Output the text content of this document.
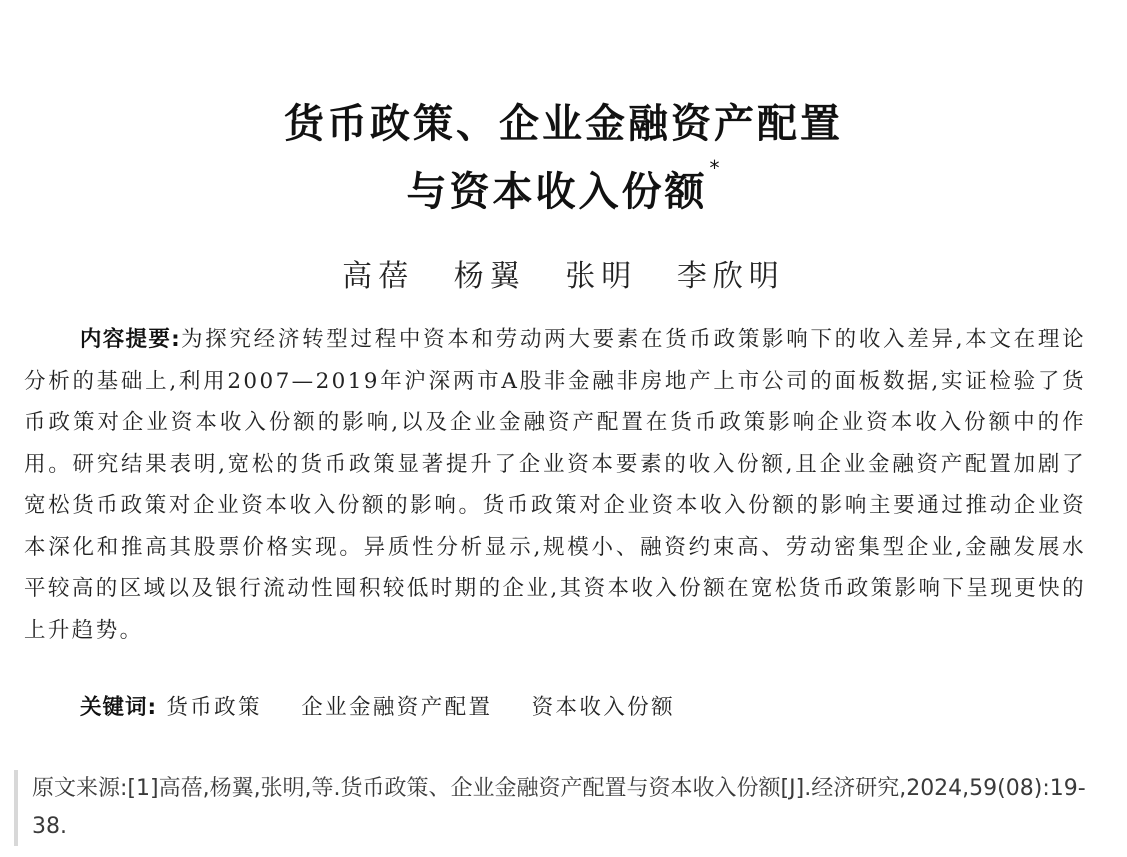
货币政策、企业金融资产配置
与资本收入份额*
高蓓 杨翼 张明 李欣明
内容提要:为探究经济转型过程中资本和劳动两大要素在货币政策影响下的收入差异,本文在理论分析的基础上,利用2007—2019年沪深两市A股非金融非房地产上市公司的面板数据,实证检验了货币政策对企业资本收入份额的影响,以及企业金融资产配置在货币政策影响企业资本收入份额中的作用。研究结果表明,宽松的货币政策显著提升了企业资本要素的收入份额,且企业金融资产配置加剧了宽松货币政策对企业资本收入份额的影响。货币政策对企业资本收入份额的影响主要通过推动企业资本深化和推高其股票价格实现。异质性分析显示,规模小、融资约束高、劳动密集型企业,金融发展水平较高的区域以及银行流动性囤积较低时期的企业,其资本收入份额在宽松货币政策影响下呈现更快的上升趋势。
关键词: 货币政策 企业金融资产配置 资本收入份额
原文来源:[1]高蓓,杨翼,张明,等.货币政策、企业金融资产配置与资本收入份额[J].经济研究,2024,59(08):19-38.
